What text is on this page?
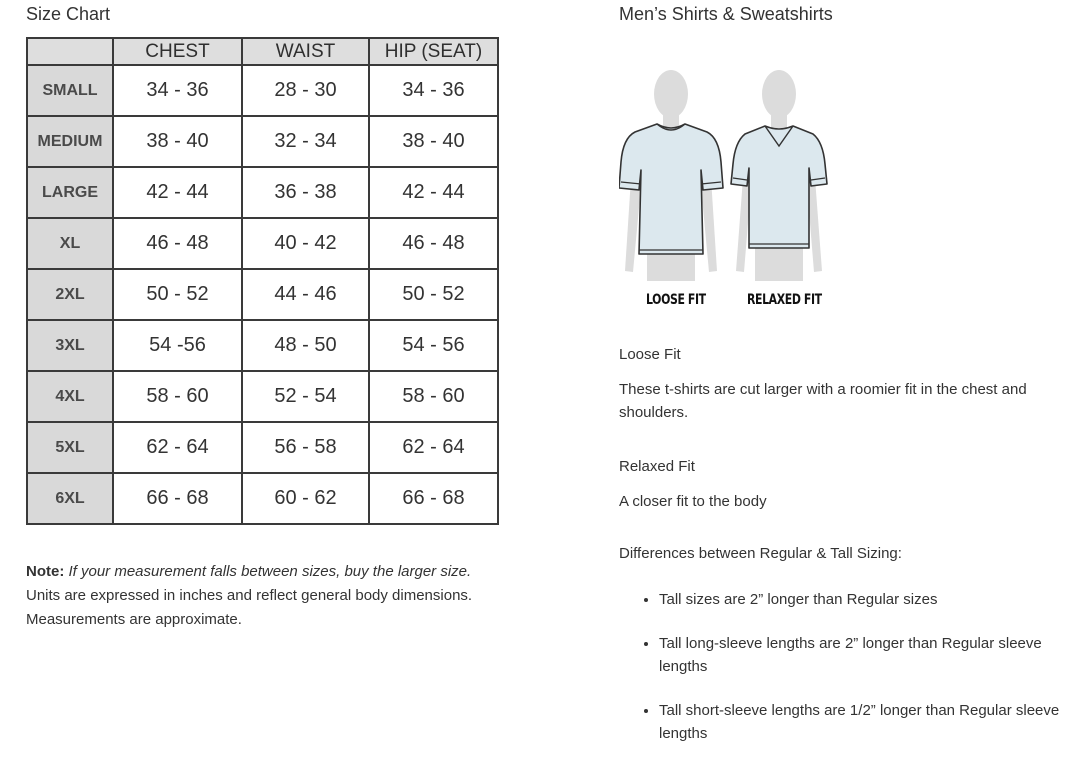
Size Chart
	CHEST	WAIST	HIP (SEAT)
SMALL	34 - 36	28 - 30	34 - 36
MEDIUM	38 - 40	32 - 34	38 - 40
LARGE	42 - 44	36 - 38	42 - 44
XL	46 - 48	40 - 42	46 - 48
2XL	50 - 52	44 - 46	50 - 52
3XL	54 -56	48 - 50	54 - 56
4XL	58 - 60	52 - 54	58 - 60
5XL	62 - 64	56 - 58	62 - 64
6XL	66 - 68	60 - 62	66 - 68
Note: If your measurement falls between sizes, buy the larger size. Units are expressed in inches and reflect general body dimensions. Measurements are approximate.
Men’s Shirts & Sweatshirts
LOOSE FIT	RELAXED FIT
Loose Fit

These t-shirts are cut larger with a roomier fit in the chest and shoulders.

Relaxed Fit

A closer fit to the body

Differences between Regular & Tall Sizing:
• Tall sizes are 2” longer than Regular sizes
• Tall long-sleeve lengths are 2” longer than Regular sleeve lengths
• Tall short-sleeve lengths are 1/2” longer than Regular sleeve lengths
